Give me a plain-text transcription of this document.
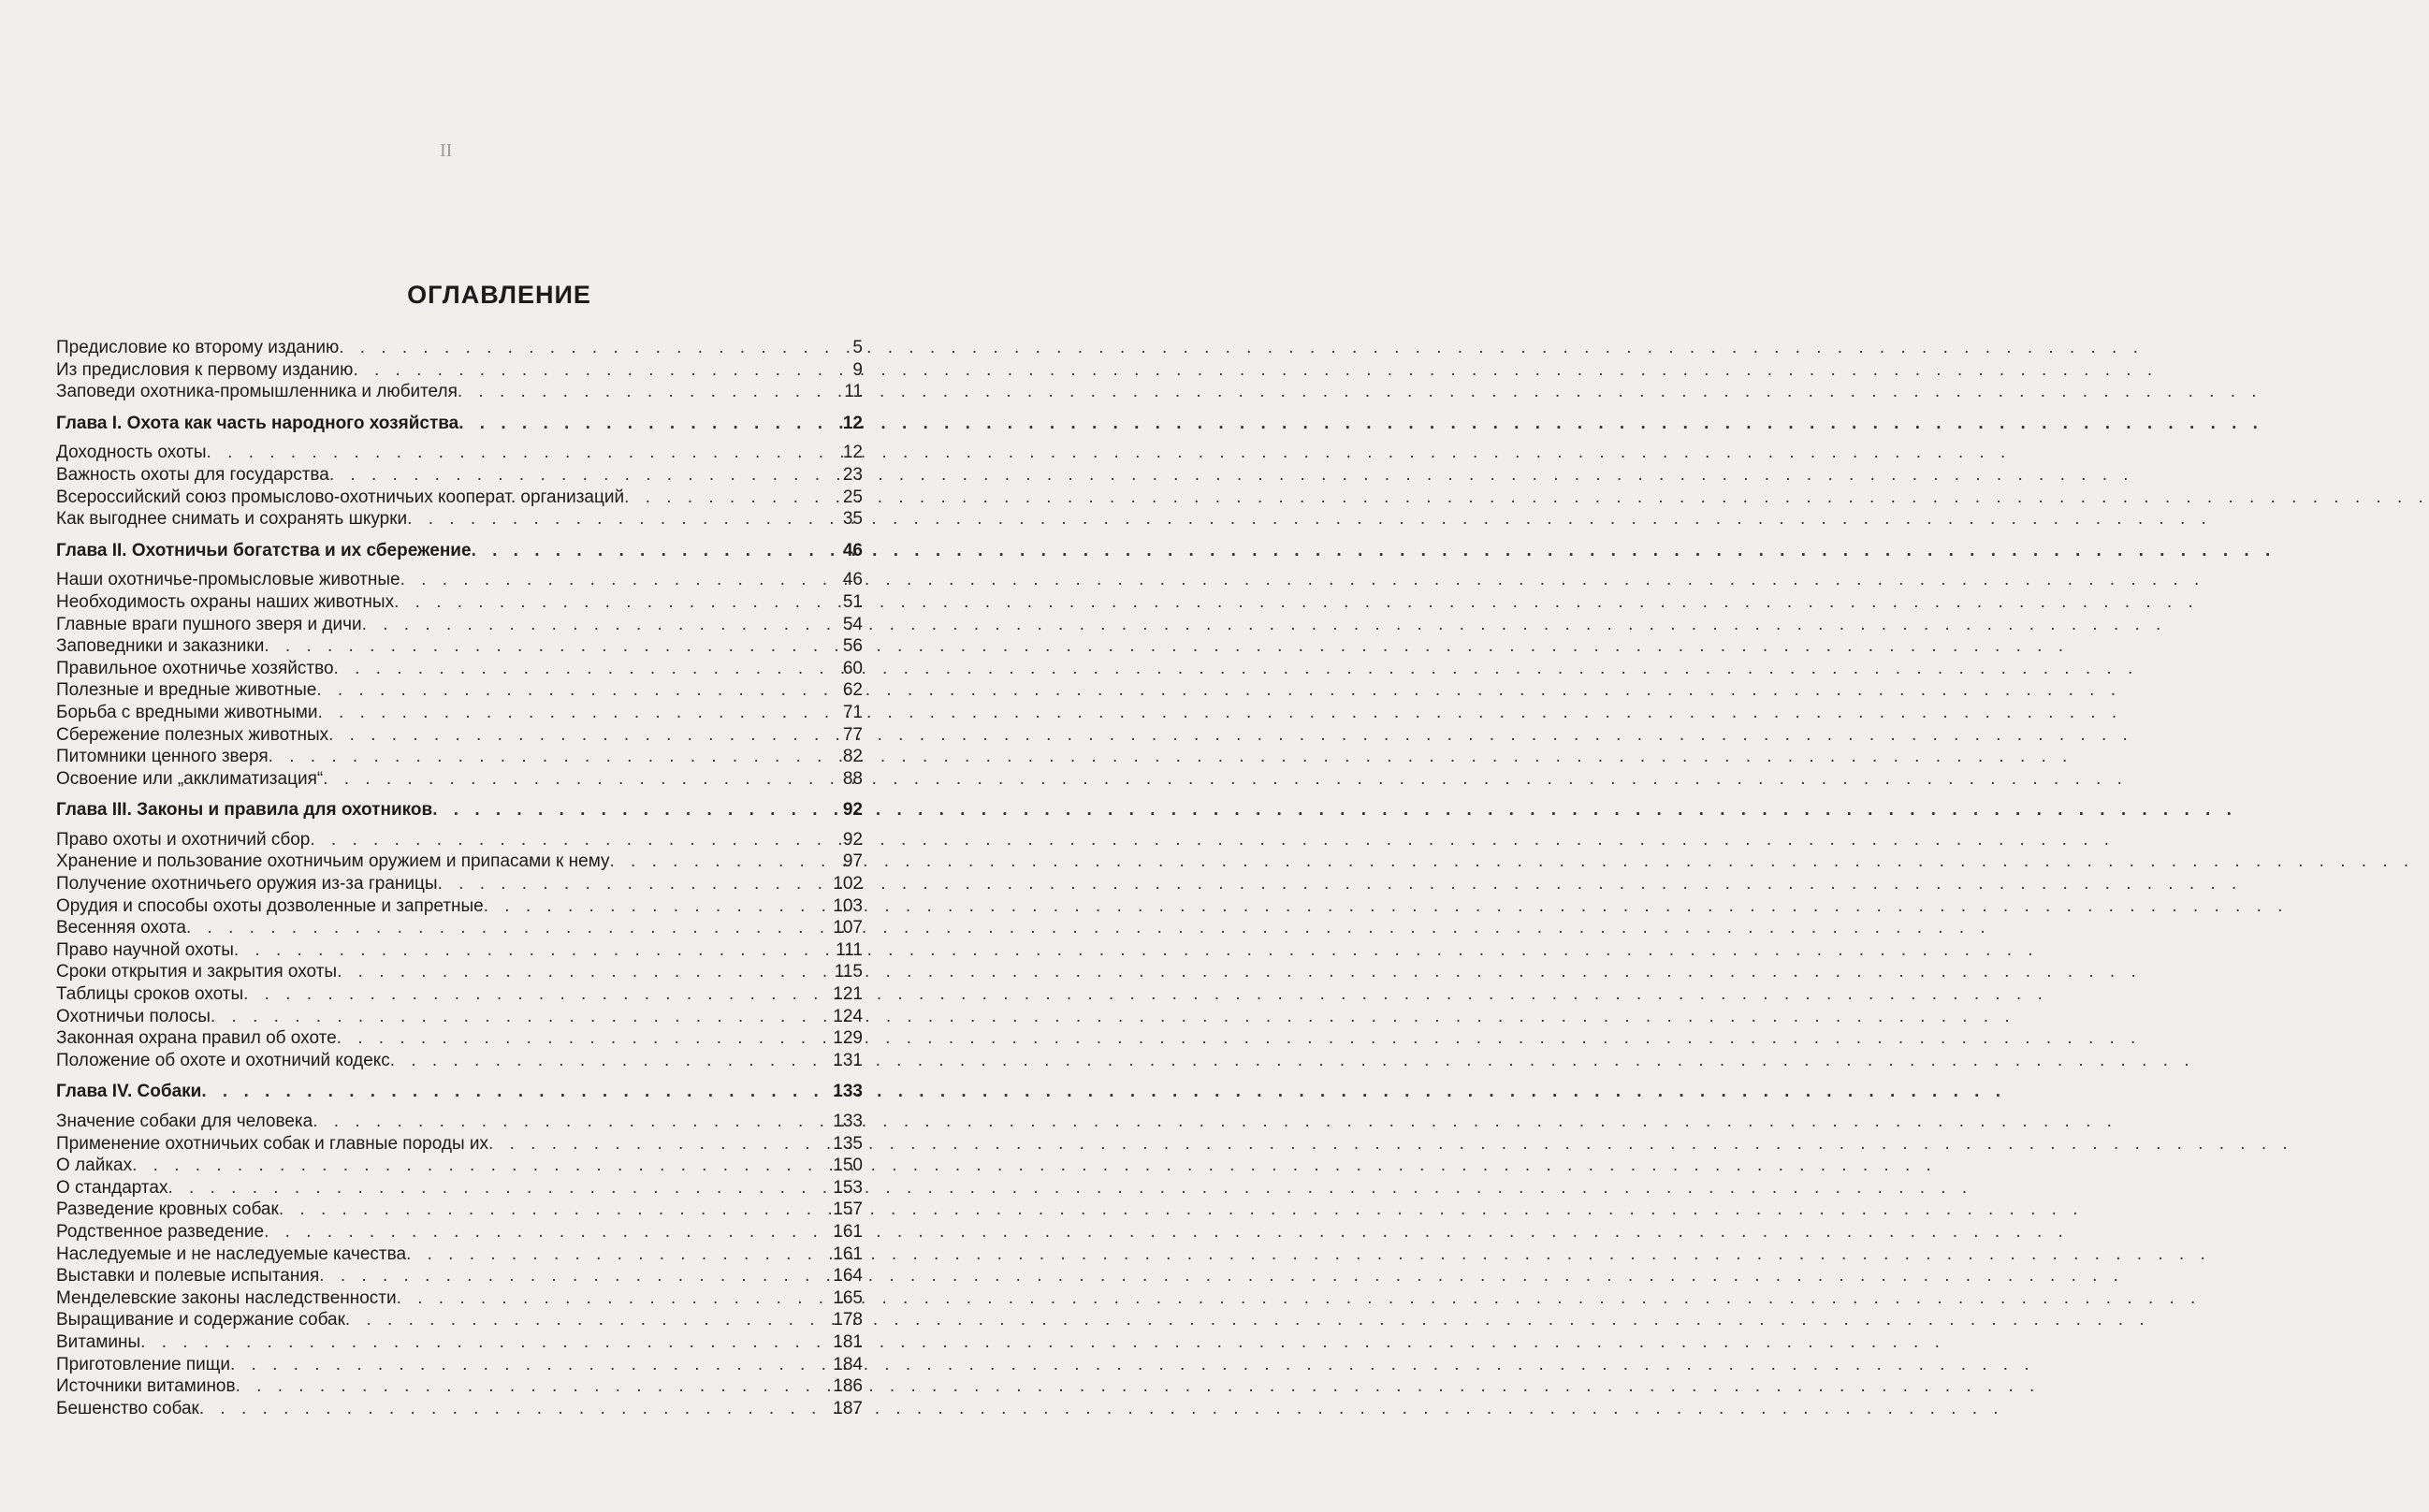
II
ОГЛАВЛЕНИЕ
Предисловие ко второму изданию . . .	5
Из предисловия к первому изданию . . .	9
Заповеди охотника-промышленника и любителя . . .	11
Глава I. Охота как часть народного хозяйства . . .	12
Доходность охоты . . .	12
Важность охоты для государства . . .	23
Всероссийский союз промыслово-охотничьих кооперат. организаций . . .	25
Как выгоднее снимать и сохранять шкурки . . .	35
Глава II. Охотничьи богатства и их сбережение . . .	46
Наши охотничье-промысловые животные . . .	46
Необходимость охраны наших животных . . .	51
Главные враги пушного зверя и дичи . . .	54
Заповедники и заказники . . .	56
Правильное охотничье хозяйство . . .	60
Полезные и вредные животные . . .	62
Борьба с вредными животными . . .	71
Сбережение полезных животных . . .	77
Питомники ценного зверя . . .	82
Освоение или „акклиматизация“ . . .	88
Глава III. Законы и правила для охотников . . .	92
Право охоты и охотничий сбор . . .	92
Хранение и пользование охотничьим оружием и припасами к нему . . .	97
Получение охотничьего оружия из-за границы . . .	102
Орудия и способы охоты дозволенные и запретные . . .	103
Весенняя охота . . .	107
Право научной охоты . . .	111
Сроки открытия и закрытия охоты . . .	115
Таблицы сроков охоты . . .	121
Охотничьи полосы . . .	124
Законная охрана правил об охоте . . .	129
Положение об охоте и охотничий кодекс . . .	131
Глава IV. Собаки . . .	133
Значение собаки для человека . . .	133
Применение охотничьих собак и главные породы их . . .	135
О лайках . . .	150
О стандартах . . .	153
Разведение кровных собак . . .	157
Родственное разведение . . .	161
Наследуемые и не наследуемые качества . . .	161
Выставки и полевые испытания . . .	164
Менделевские законы наследственности . . .	165
Выращивание и содержание собак . . .	178
Витамины . . .	181
Приготовление пищи . . .	184
Источники витаминов . . .	186
Бешенство собак . . .	187
